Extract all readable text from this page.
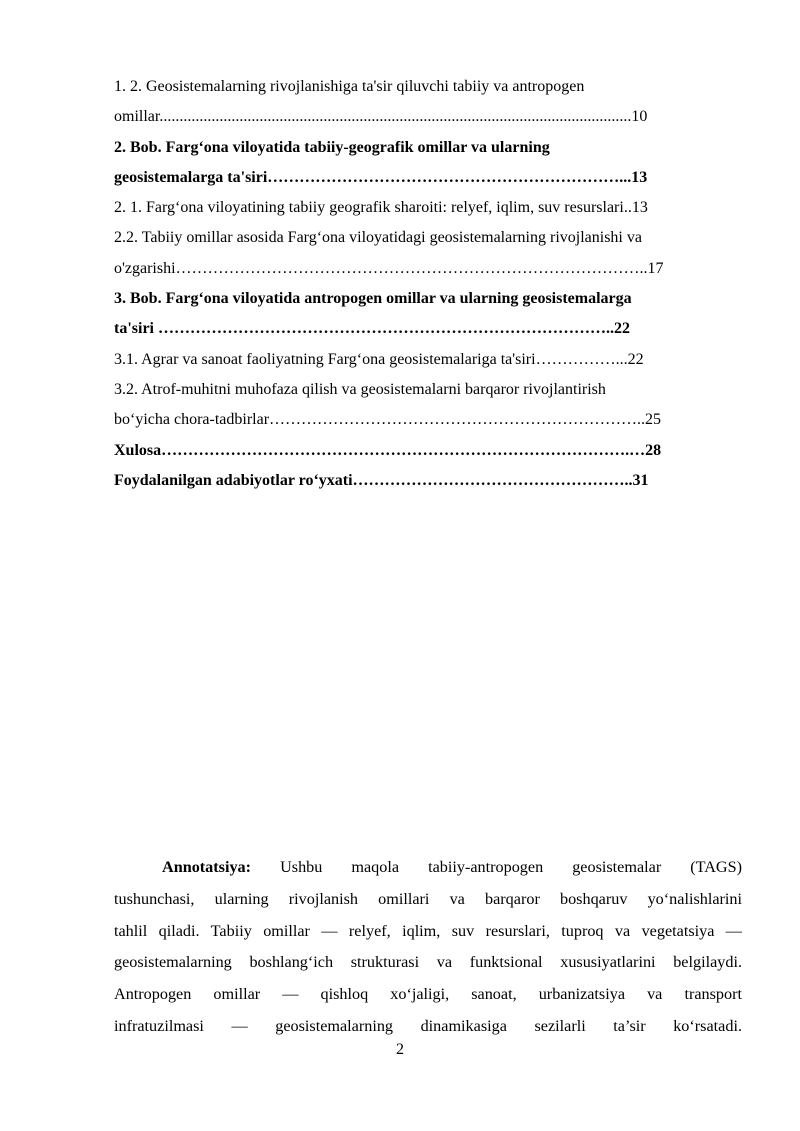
1. 2. Geosistemalarning rivojlanishiga ta'sir qiluvchi tabiiy va antropogen
omillar......................................................................................................................10
2. Bob. Farg‘ona viloyatida tabiiy-geografik omillar va ularning
geosistemalarga ta'siri…………………………………………………………...13
2. 1. Farg‘ona viloyatining tabiiy geografik sharoiti: relyef, iqlim, suv resurslari..13
2.2. Tabiiy omillar asosida Farg‘ona viloyatidagi geosistemalarning rivojlanishi va
o'zgarishi……………………………………………………………………………..17
3. Bob. Farg‘ona viloyatida antropogen omillar va ularning geosistemalarga
ta'siri …………………………………………………………………………..22
3.1. Agrar va sanoat faoliyatning Farg‘ona geosistemalariga ta'siri……………...22
3.2. Atrof-muhitni muhofaza qilish va geosistemalarni barqaror rivojlantirish
bo‘yicha chora-tadbirlar……………………………………………………………..25
Xulosa…………………………………………………………………………….…28
Foydalanilgan adabiyotlar ro‘yxati……………………………………………..31
Annotatsiya: Ushbu maqola tabiiy-antropogen geosistemalar (TAGS)
tushunchasi, ularning rivojlanish omillari va barqaror boshqaruv yo‘nalishlarini
tahlil qiladi. Tabiiy omillar — relyef, iqlim, suv resurslari, tuproq va vegetatsiya —
geosistemalarning boshlang‘ich strukturasi va funktsional xususiyatlarini belgilaydi.
Antropogen omillar — qishloq xo‘jaligi, sanoat, urbanizatsiya va transport
infratuzilmasi — geosistemalarning dinamikasiga sezilarli ta’sir ko‘rsatadi.
2
